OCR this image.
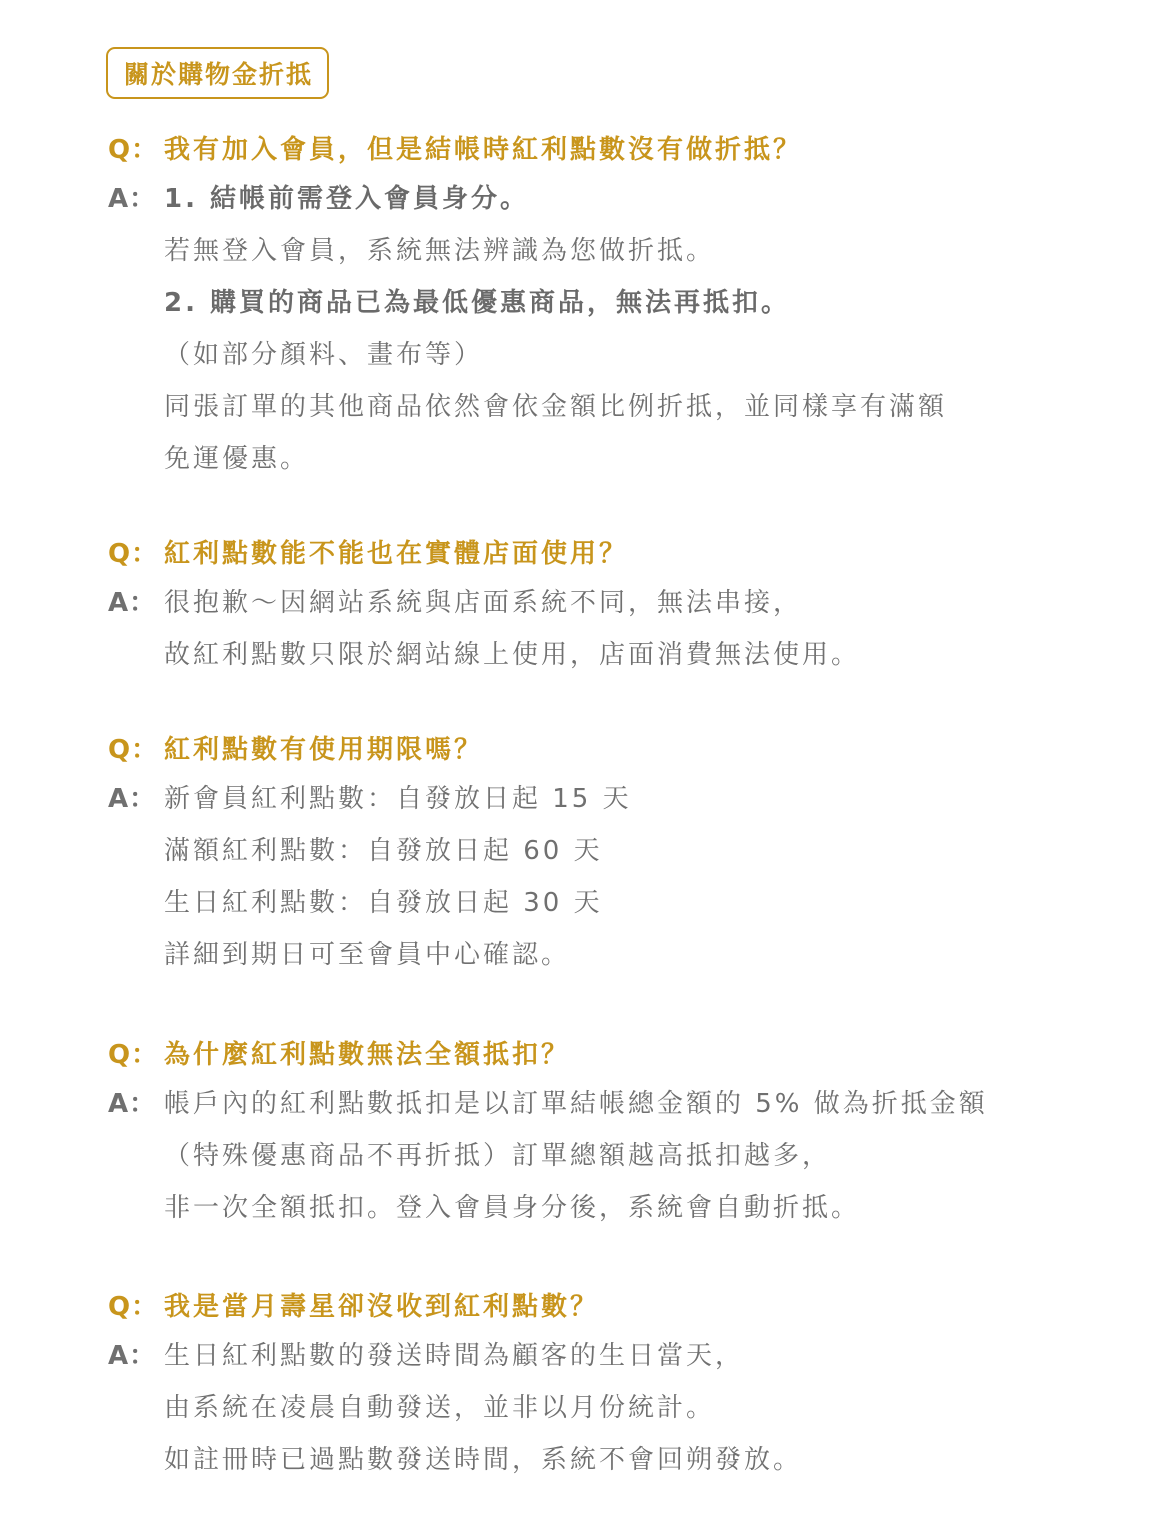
關於購物金折抵
Q： 我有加入會員，但是結帳時紅利點數沒有做折抵？
A： 1. 結帳前需登入會員身分。
若無登入會員，系統無法辨識為您做折抵。
2. 購買的商品已為最低優惠商品，無法再抵扣。
（如部分顏料、畫布等）
同張訂單的其他商品依然會依金額比例折抵，並同樣享有滿額
免運優惠。
Q： 紅利點數能不能也在實體店面使用？
A： 很抱歉～因網站系統與店面系統不同，無法串接，
故紅利點數只限於網站線上使用，店面消費無法使用。
Q： 紅利點數有使用期限嗎？
A： 新會員紅利點數：自發放日起 15 天
滿額紅利點數：自發放日起 60 天
生日紅利點數：自發放日起 30 天
詳細到期日可至會員中心確認。
Q： 為什麼紅利點數無法全額抵扣？
A： 帳戶內的紅利點數抵扣是以訂單結帳總金額的 5% 做為折抵金額
（特殊優惠商品不再折抵）訂單總額越高抵扣越多，
非一次全額抵扣。登入會員身分後，系統會自動折抵。
Q： 我是當月壽星卻沒收到紅利點數？
A： 生日紅利點數的發送時間為顧客的生日當天，
由系統在凌晨自動發送，並非以月份統計。
如註冊時已過點數發送時間，系統不會回朔發放。
